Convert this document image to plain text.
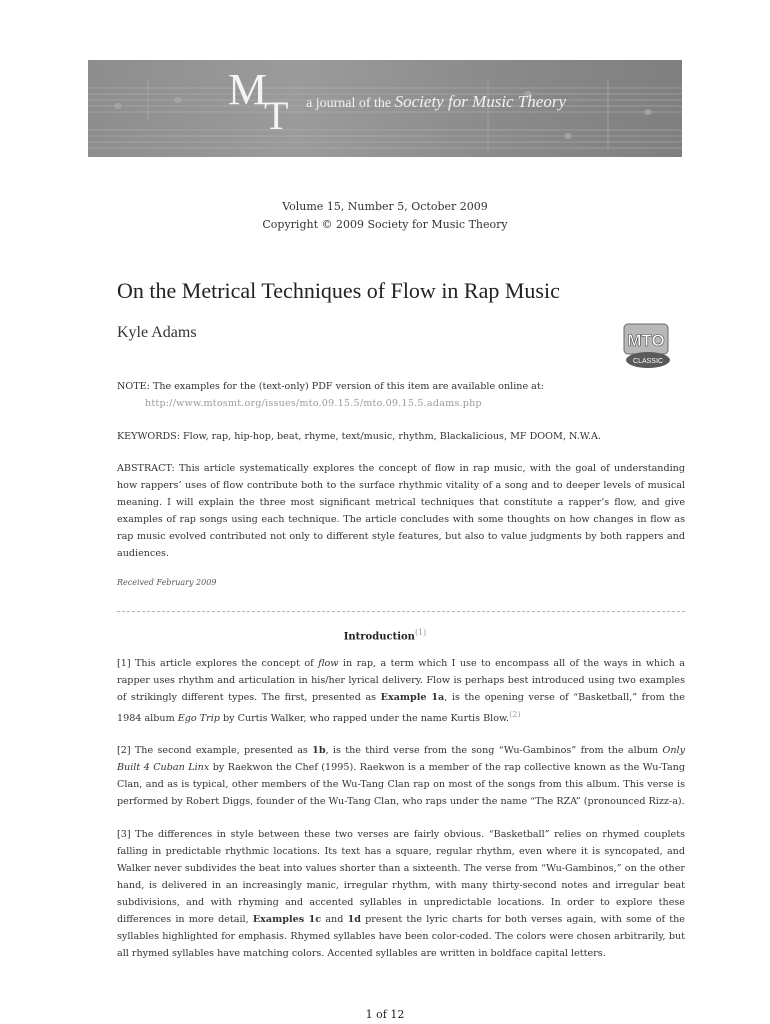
M
T a journal of the Society for Music Theory
Volume 15, Number 5, October 2009
Copyright © 2009 Society for Music Theory
On the Metrical Techniques of Flow in Rap Music
Kyle Adams	MTO
CLASSIC
NOTE: The examples for the (text-only) PDF version of this item are available online at:
http://www.mtosmt.org/issues/mto.09.15.5/mto.09.15.5.adams.php
KEYWORDS: Flow, rap, hip-hop, beat, rhyme, text/music, rhythm, Blackalicious, MF DOOM, N.W.A.
ABSTRACT: This article systematically explores the concept of flow in rap music, with the goal of understanding how rappers’ uses of flow contribute both to the surface rhythmic vitality of a song and to deeper levels of musical meaning. I will explain the three most significant metrical techniques that constitute a rapper’s flow, and give examples of rap songs using each technique. The article concludes with some thoughts on how changes in flow as rap music evolved contributed not only to different style features, but also to value judgments by both rappers and audiences.
Received February 2009
Introduction$^{(1)}$
[1] This article explores the concept of flow in rap, a term which I use to encompass all of the ways in which a rapper uses rhythm and articulation in his/her lyrical delivery. Flow is perhaps best introduced using two examples of strikingly different types. The first, presented as Example 1a, is the opening verse of “Basketball,” from the 1984 album Ego Trip by Curtis Walker, who rapped under the name Kurtis Blow.$^{(2)}$
[2] The second example, presented as 1b, is the third verse from the song “Wu-Gambinos” from the album Only Built 4 Cuban Linx by Raekwon the Chef (1995). Raekwon is a member of the rap collective known as the Wu-Tang Clan, and as is typical, other members of the Wu-Tang Clan rap on most of the songs from this album. This verse is performed by Robert Diggs, founder of the Wu-Tang Clan, who raps under the name “The RZA” (pronounced Rizz-a).
[3] The differences in style between these two verses are fairly obvious. “Basketball” relies on rhymed couplets falling in predictable rhythmic locations. Its text has a square, regular rhythm, even where it is syncopated, and Walker never subdivides the beat into values shorter than a sixteenth. The verse from “Wu-Gambinos,” on the other hand, is delivered in an increasingly manic, irregular rhythm, with many thirty-second notes and irregular beat subdivisions, and with rhyming and accented syllables in unpredictable locations. In order to explore these differences in more detail, Examples 1c and 1d present the lyric charts for both verses again, with some of the syllables highlighted for emphasis. Rhymed syllables have been color-coded. The colors were chosen arbitrarily, but all rhymed syllables have matching colors. Accented syllables are written in boldface capital letters.
1 of 12
